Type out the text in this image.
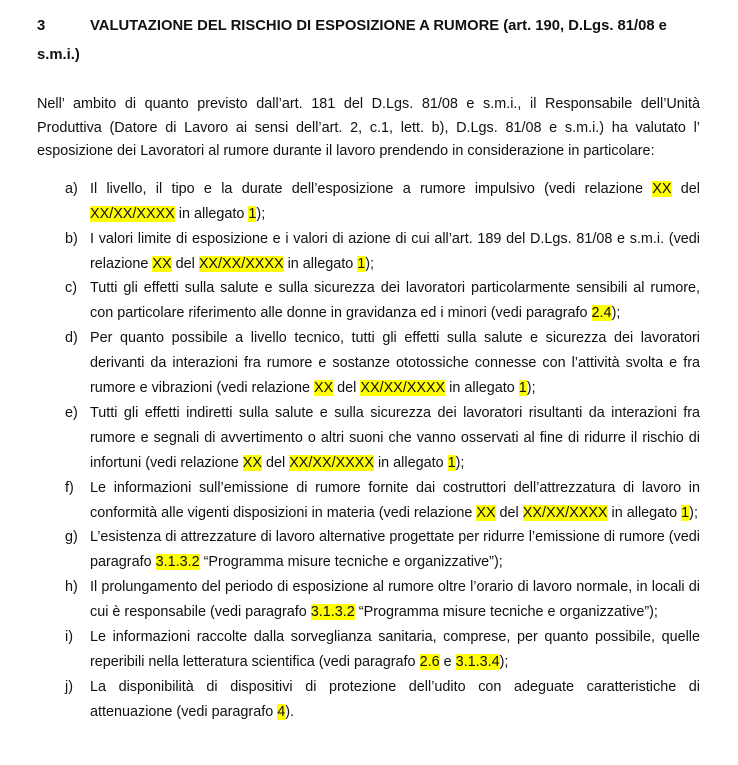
3	VALUTAZIONE DEL RISCHIO DI ESPOSIZIONE A RUMORE (art. 190, D.Lgs. 81/08 e s.m.i.)

Nell’ ambito di quanto previsto dall’art. 181 del D.Lgs. 81/08 e s.m.i., il Responsabile dell’Unità Produttiva (Datore di Lavoro ai sensi dell’art. 2, c.1, lett. b), D.Lgs. 81/08 e s.m.i.) ha valutato l’ esposizione dei Lavoratori al rumore durante il lavoro prendendo in considerazione in particolare:

a) Il livello, il tipo e la durate dell’esposizione a rumore impulsivo (vedi relazione XX del XX/XX/XXXX in allegato 1);
b) I valori limite di esposizione e i valori di azione di cui all’art. 189 del D.Lgs. 81/08 e s.m.i. (vedi relazione XX del XX/XX/XXXX in allegato 1);
c) Tutti gli effetti sulla salute e sulla sicurezza dei lavoratori particolarmente sensibili al rumore, con particolare riferimento alle donne in gravidanza ed i minori (vedi paragrafo 2.4);
d) Per quanto possibile a livello tecnico, tutti gli effetti sulla salute e sicurezza dei lavoratori derivanti da interazioni fra rumore e sostanze ototossiche connesse con l’attività svolta e fra rumore e vibrazioni (vedi relazione XX del XX/XX/XXXX in allegato 1);
e) Tutti gli effetti indiretti sulla salute e sulla sicurezza dei lavoratori risultanti da interazioni fra rumore e segnali di avvertimento o altri suoni che vanno osservati al fine di ridurre il rischio di infortuni (vedi relazione XX del XX/XX/XXXX in allegato 1);
f) Le informazioni sull’emissione di rumore fornite dai costruttori dell’attrezzatura di lavoro in conformità alle vigenti disposizioni in materia (vedi relazione XX del XX/XX/XXXX in allegato 1);
g) L’esistenza di attrezzature di lavoro alternative progettate per ridurre l’emissione di rumore (vedi paragrafo 3.1.3.2 “Programma misure tecniche e organizzative”);
h) Il prolungamento del periodo di esposizione al rumore oltre l’orario di lavoro normale, in locali di cui è responsabile (vedi paragrafo 3.1.3.2 “Programma misure tecniche e organizzative”);
i) Le informazioni raccolte dalla sorveglianza sanitaria, comprese, per quanto possibile, quelle reperibili nella letteratura scientifica (vedi paragrafo 2.6 e 3.1.3.4);
j) La disponibilità di dispositivi di protezione dell’udito con adeguate caratteristiche di attenuazione (vedi paragrafo 4).
